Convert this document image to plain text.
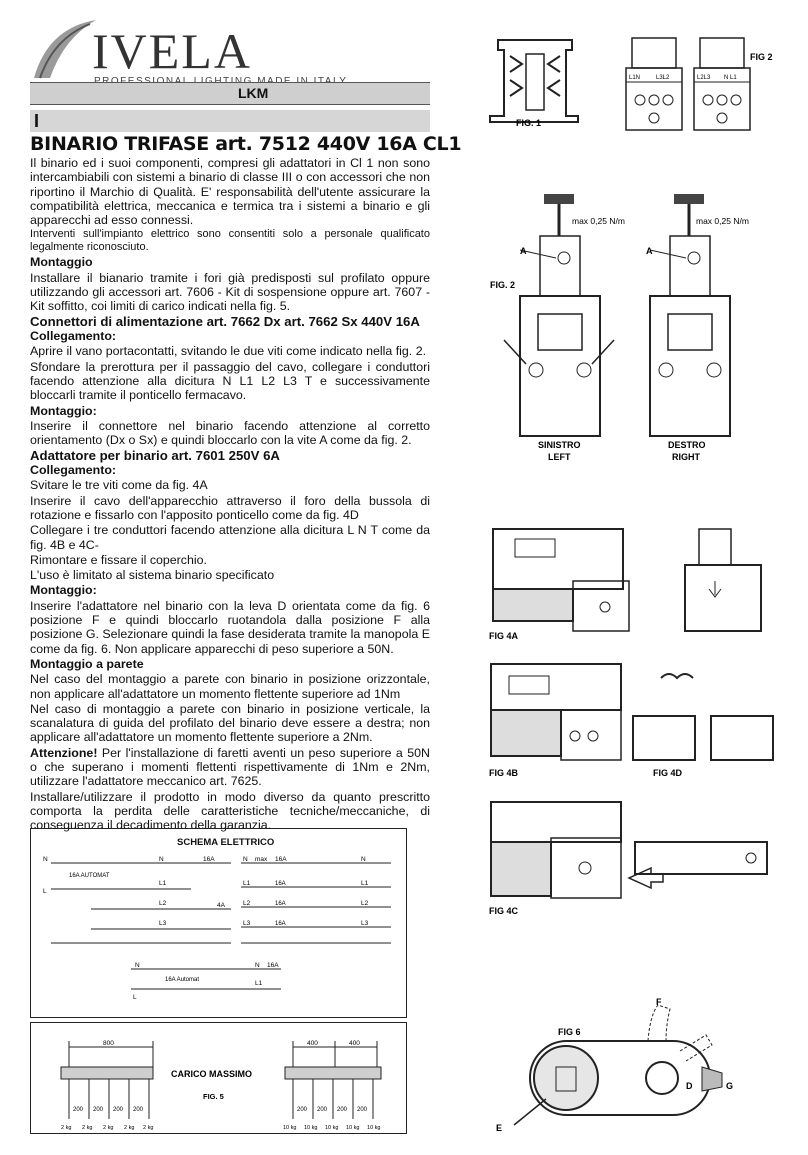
IVELA
LKM
I
BINARIO TRIFASE art. 7512 440V 16A CL1

Il binario ed i suoi componenti, compresi gli adattatori in Cl 1 non sono intercambiabili con sistemi a binario di classe III o con accessori che non riportino il Marchio di Qualità. E' responsabilità dell'utente assicurare la compatibilità elettrica, meccanica e termica tra i sistemi a binario e gli apparecchi ad esso connessi.

Interventi sull'impianto elettrico sono consentiti solo a personale qualificato legalmente riconosciuto.

Montaggio

Installare il bianario tramite i fori già predisposti sul profilato oppure utilizzando gli accessori art. 7606 - Kit di sospensione oppure art. 7607 - Kit soffitto, coi limiti di carico indicati nella fig. 5.

Connettori di alimentazione art. 7662 Dx art. 7662 Sx 440V 16A

Collegamento:

Aprire il vano portacontatti, svitando le due viti come indicato nella fig. 2.

Sfondare la prerottura per il passaggio del cavo, collegare i conduttori facendo attenzione alla dicitura N L1 L2 L3 T e successivamente bloccarli tramite il ponticello fermacavo.

Montaggio:

Inserire il connettore nel binario facendo attenzione al corretto orientamento (Dx o Sx) e quindi bloccarlo con la vite A come da fig. 2.

Adattatore per binario art. 7601 250V 6A

Collegamento:

Svitare le tre viti come da fig. 4A

Inserire il cavo dell'apparecchio attraverso il foro della bussola di rotazione e fissarlo con l'apposito ponticello come da fig. 4D

Collegare i tre conduttori facendo attenzione alla dicitura L N T come da fig. 4B e 4C-

Rimontare e fissare il coperchio.

L'uso è limitato al sistema binario specificato

Montaggio:

Inserire l'adattatore nel binario con la leva D orientata come da fig. 6 posizione F e quindi bloccarlo ruotandola dalla posizione F alla posizione G. Selezionare quindi la fase desiderata tramite la manopola E come da fig. 6. Non applicare apparecchi di peso superiore a 50N.

Montaggio a parete

Nel caso del montaggio a parete con binario in posizione orizzontale, non applicare all'adattatore un momento flettente superiore ad 1Nm

Nel caso di montaggio a parete con binario in posizione verticale, la scanalatura di guida del profilato del binario deve essere a destra; non applicare all'adattatore un momento flettente superiore a 2Nm.

Attenzione! Per l'installazione di faretti aventi un peso superiore a 50N o che superano i momenti flettenti rispettivamente di 1Nm e 2Nm, utilizzare l'adattatore meccanico art. 7625.

Installare/utilizzare il prodotto in modo diverso da quanto prescritto comporta la perdita delle caratteristiche tecniche/meccaniche, di conseguenza il decadimento della garanzia.

FIG. 1
L1N	L3L2	L2L3 N L1
FIG 2
max 0,25 N/m	max 0,25 N/m
A	A
FIG. 2
SINISTRO
LEFT
DESTRO
RIGHT
FIG 4A
FIG 4B	FIG 4D
FIG 4C
SCHEMA ELETTRICO
N
L
16A AUTOMAT
N	16A
L1
L2
L3
4A
N max 16A	N
L1	16A	L1
L2	16A	L2
L3	16A	L3
N	N 16A
16A Automat	L1
L
800	400	400
200 200 200 200	200 200 200 200
2 kg 2 kg 2 kg 2 kg 2 kg	10 kg 10 kg 10 kg 10 kg 10 kg
CARICO MASSIMO
FIG. 5
FIG 6
F
D	G
E
